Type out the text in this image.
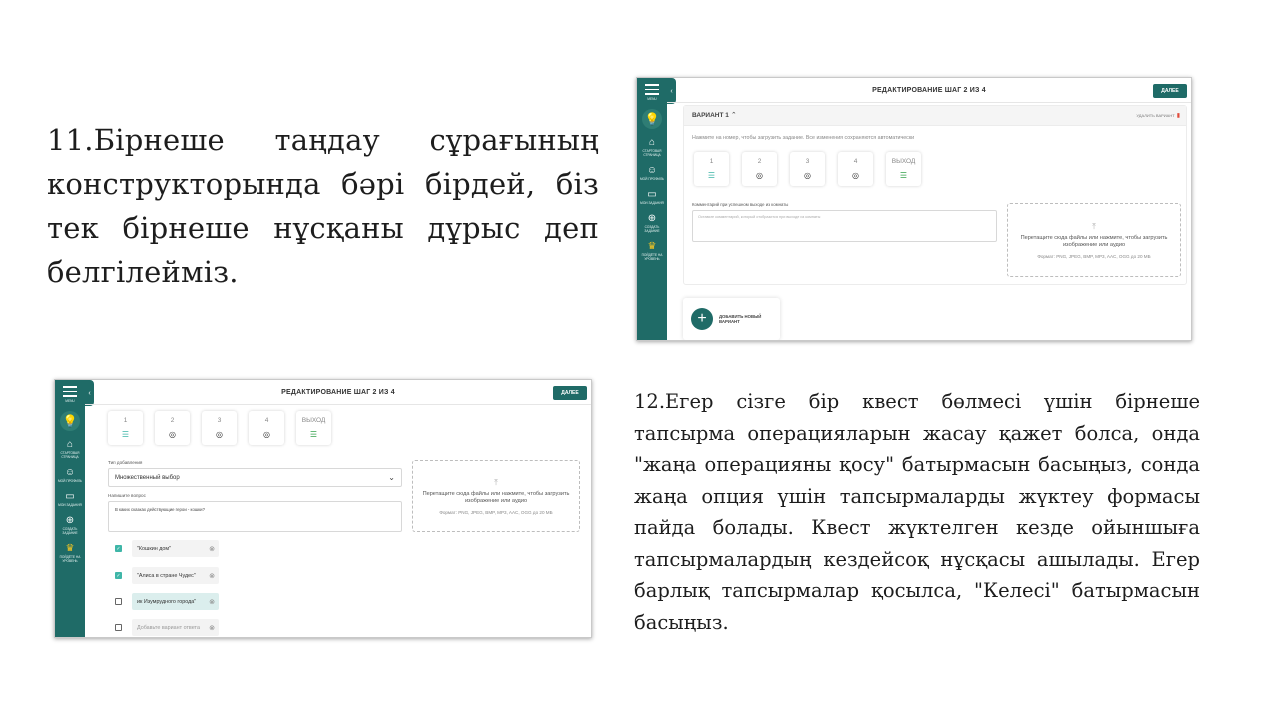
11.Бірнеше таңдау сұрағының конструкторында бәрі бірдей, біз тек бірнеше нұсқаны дұрыс деп белгілейміз.
12.Егер сізге бір квест бөлмесі үшін бірнеше тапсырма операцияларын жасау қажет болса, онда "жаңа операцияны қосу" батырмасын басыңыз, сонда жаңа опция үшін тапсырмаларды жүктеу формасы пайда болады. Квест жүктелген кезде ойыншыға тапсырмалардың кездейсоқ нұсқасы ашылады. Егер барлық тапсырмалар қосылса, "Келесі" батырмасын басыңыз.
MENU
💡
⌂
СТАРТОВАЯ СТРАНИЦА
☺
МОЙ ПРОФИЛЬ
▭
МОИ ЗАДАНИЯ
⊕
СОЗДАТЬ ЗАДАНИЕ
♛
ПОЙДЁТЕ НА УРОВЕНЬ
‹	РЕДАКТИРОВАНИЕ ШАГ 2 ИЗ 4	ДАЛЕЕ
ВАРИАНТ 1 ⌃	УДАЛИТЬ ВАРИАНТ ▮
Нажмите на номер, чтобы загрузить задание. Все изменения сохраняются автоматически
1
☰
2
◎
3
◎
4
◎
ВЫХОД
☰
Комментарий при успешном выходе из комнаты
Оставьте комментарий, который отобразится при выходе из комнаты
⤒
Перетащите сюда файлы или нажмите, чтобы загрузить изображение или аудио
Формат: PNG, JPEG, BMP, MP3, AAC, OGG до 20 МБ
+	ДОБАВИТЬ НОВЫЙ ВАРИАНТ
MENU
💡
⌂
СТАРТОВАЯ СТРАНИЦА
☺
МОЙ ПРОФИЛЬ
▭
МОИ ЗАДАНИЯ
⊕
СОЗДАТЬ ЗАДАНИЕ
♛
ПОЙДЁТЕ НА УРОВЕНЬ
‹	РЕДАКТИРОВАНИЕ ШАГ 2 ИЗ 4	ДАЛЕЕ
1
☰
2
◎
3
◎
4
◎
ВЫХОД
☰
Тип добавления
Множественный выбор	⌄
Напишите вопрос
В каких сказках действующие герои - кошки?
⤒
Перетащите сюда файлы или нажмите, чтобы загрузить изображение или аудио
Формат: PNG, JPEG, BMP, MP3, AAC, OGG до 20 МБ
✓	"Кошкин дом"	⊗
✓	"Алиса в стране Чудес" ⊗
ик Изумрудного города" ⊗
Добавьте вариант ответа ⊗
